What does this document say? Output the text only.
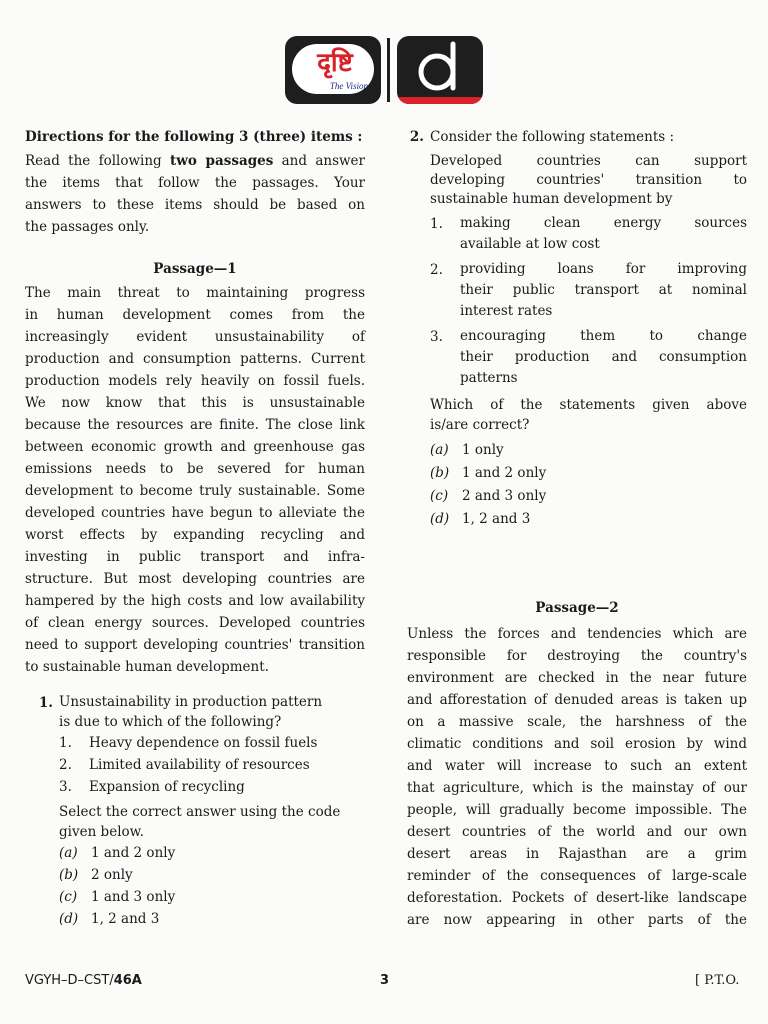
दृष्टि
The Vision
Directions for the following 3 (three) items :
Read the following two passages and answer
the items that follow the passages. Your
answers to these items should be based on
the passages only.
Passage—1
The main threat to maintaining progress
in human development comes from the
increasingly evident unsustainability of
production and consumption patterns. Current
production models rely heavily on fossil fuels.
We now know that this is unsustainable
because the resources are finite. The close link
between economic growth and greenhouse gas
emissions needs to be severed for human
development to become truly sustainable. Some
developed countries have begun to alleviate the
worst effects by expanding recycling and
investing in public transport and infra-
structure. But most developing countries are
hampered by the high costs and low availability
of clean energy sources. Developed countries
need to support developing countries' transition
to sustainable human development.
1. Unsustainability in production pattern
is due to which of the following?
1.	Heavy dependence on fossil fuels
2.	Limited availability of resources
3.	Expansion of recycling
Select the correct answer using the code
given below.
(a) 1 and 2 only
(b) 2 only
(c)	1 and 3 only
(d) 1, 2 and 3
2. Consider the following statements :
Developed countries can support
developing countries' transition to
sustainable human development by
1.	making clean energy sources
available at low cost
2.	providing loans for improving
their public transport at nominal
interest rates
3.	encouraging them to change
their production and consumption
patterns
Which of the statements given above
is/are correct?
(a) 1 only
(b) 1 and 2 only
(c)	2 and 3 only
(d) 1, 2 and 3
Passage—2
Unless the forces and tendencies which are
responsible for destroying the country's
environment are checked in the near future
and afforestation of denuded areas is taken up
on a massive scale, the harshness of the
climatic conditions and soil erosion by wind
and water will increase to such an extent
that agriculture, which is the mainstay of our
people, will gradually become impossible. The
desert countries of the world and our own
desert areas in Rajasthan are a grim
reminder of the consequences of large-scale
deforestation. Pockets of desert-like landscape
are now appearing in other parts of the
VGYH–D–CST/46A	3	[ P.T.O.
